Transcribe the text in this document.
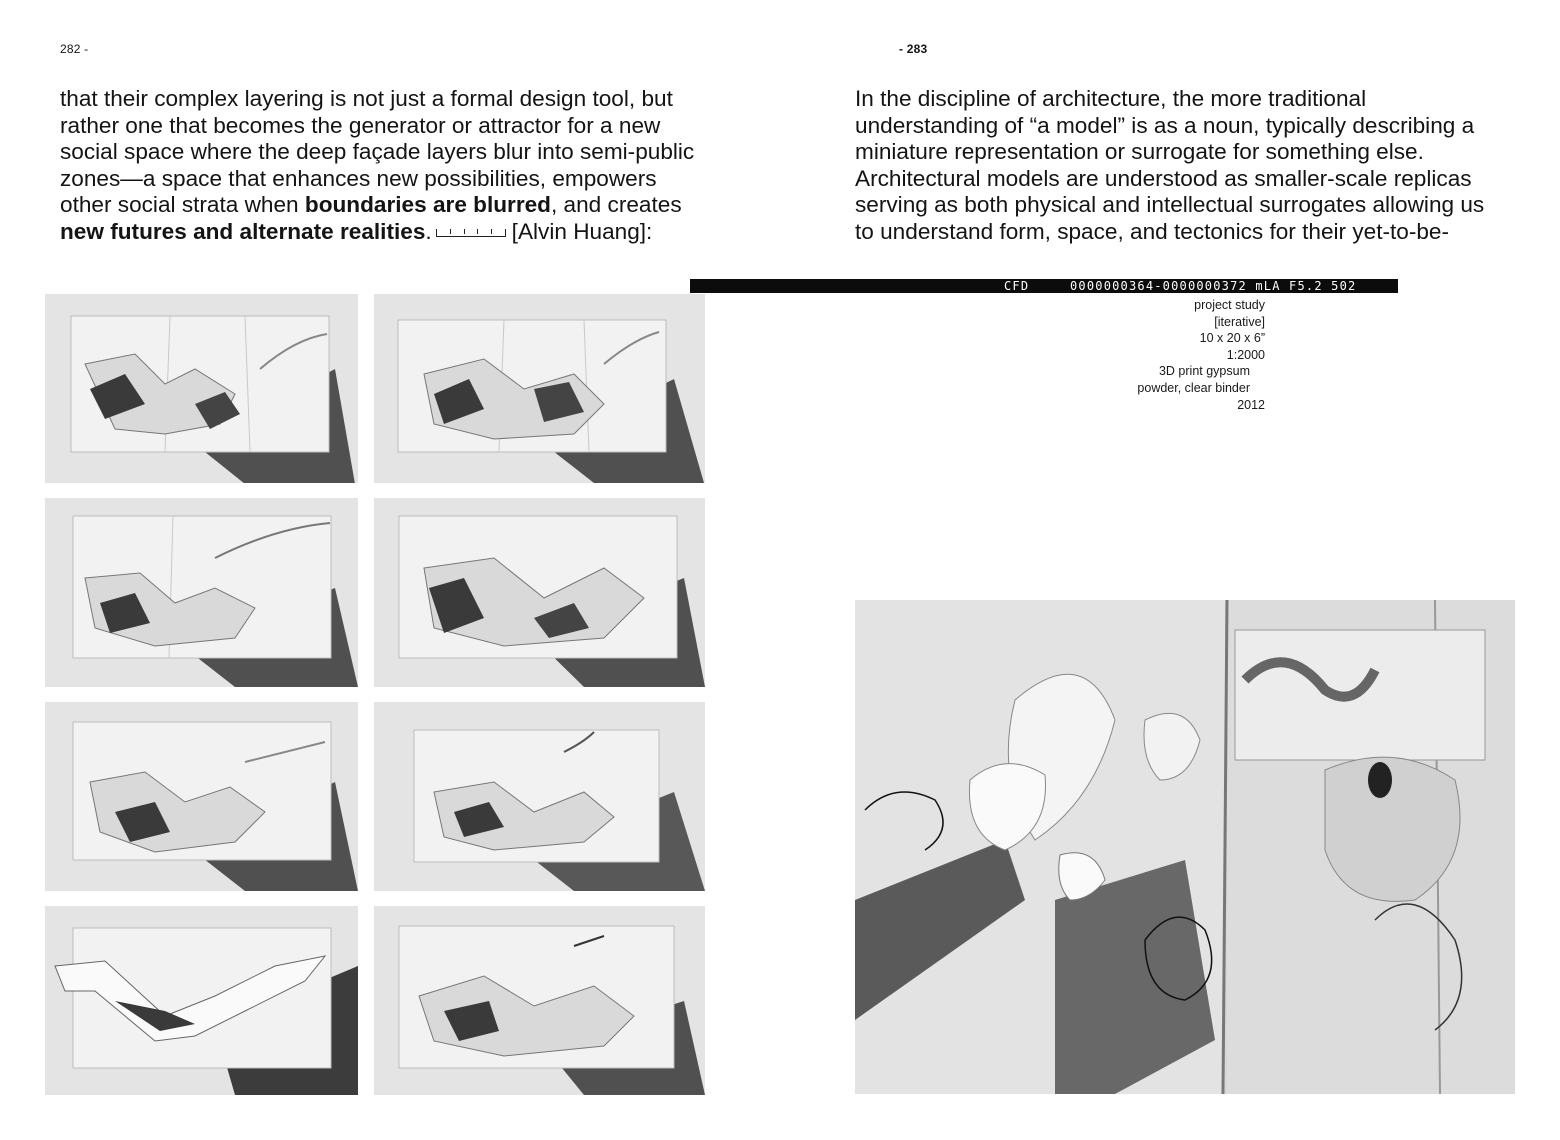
282 -	- 283

that their complex layering is not just a formal design tool, but
rather one that becomes the generator or attractor for a new
social space where the deep façade layers blur into semi-public
zones—a space that enhances new possibilities, empowers
other social strata when boundaries are blurred, and creates
new futures and alternate realities.	[Alvin Huang]:

In the discipline of architecture, the more traditional
understanding of “a model” is as a noun, typically describing a
miniature representation or surrogate for something else.
Architectural models are understood as smaller-scale replicas
serving as both physical and intellectual surrogates allowing us
to understand form, space, and tectonics for their yet-to-be-

CFD	0000000364-0000000372 mLA F5.2 502
project study
[iterative]
10 x 20 x 6”
1:2000
3D print gypsum
powder, clear binder
2012
